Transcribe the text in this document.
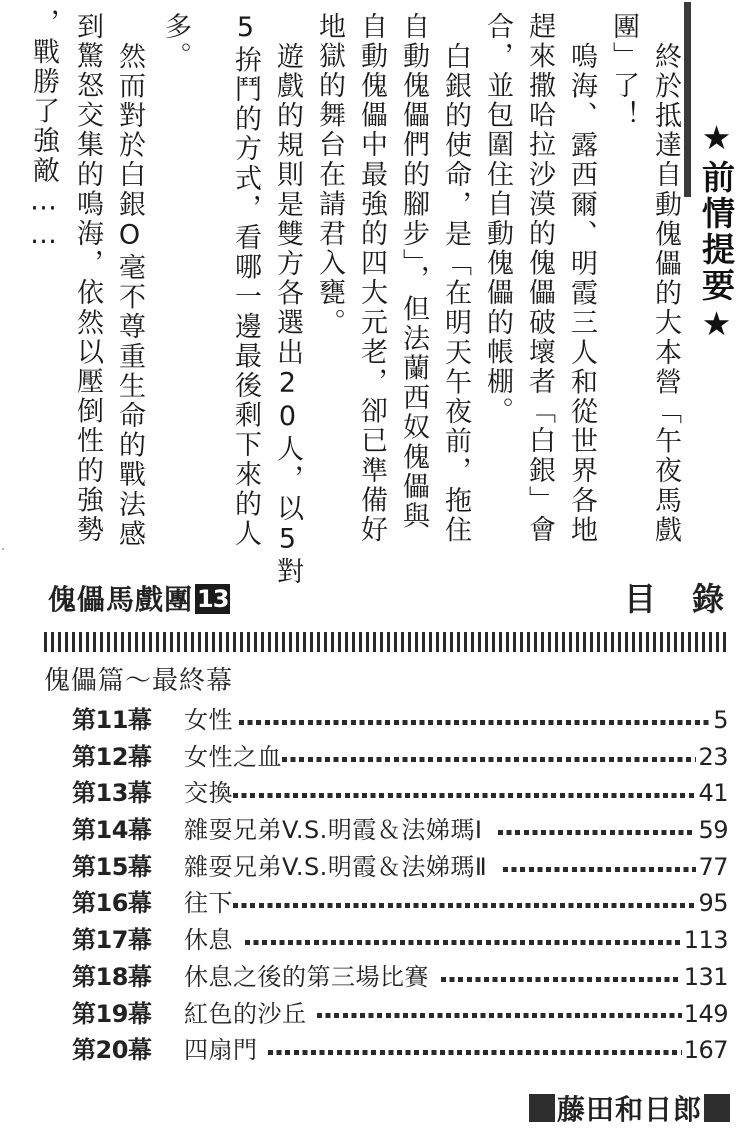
★前情提要★
終於抵達自動傀儡的大本營「午夜馬戲
團」了！
嗚海、露西爾、明霞三人和從世界各地
趕來撒哈拉沙漠的傀儡破壞者「白銀」會
合，並包圍住自動傀儡的帳棚。
白銀的使命，是「在明天午夜前，拖住
自動傀儡們的腳步」，但法蘭西奴傀儡與
自動傀儡中最強的四大元老，卻已準備好
地獄的舞台在請君入甕。
遊戲的規則是雙方各選出20人，以5對
5拚鬥的方式，看哪一邊最後剩下來的人
多。
然而對於白銀O毫不尊重生命的戰法感
到驚怒交集的鳴海，依然以壓倒性的強勢
，戰勝了強敵……
傀儡馬戲團 13	目錄
傀儡篇～最終幕
第11幕	女性	5
第12幕	女性之血	23
第13幕	交換	41
第14幕	雜耍兄弟V.S.明霞＆法娣瑪Ⅰ	59
第15幕	雜耍兄弟V.S.明霞＆法娣瑪Ⅱ	77
第16幕	往下	95
第17幕	休息	113
第18幕	休息之後的第三場比賽	131
第19幕	紅色的沙丘	149
第20幕	四扇門	167
藤田和日郎
